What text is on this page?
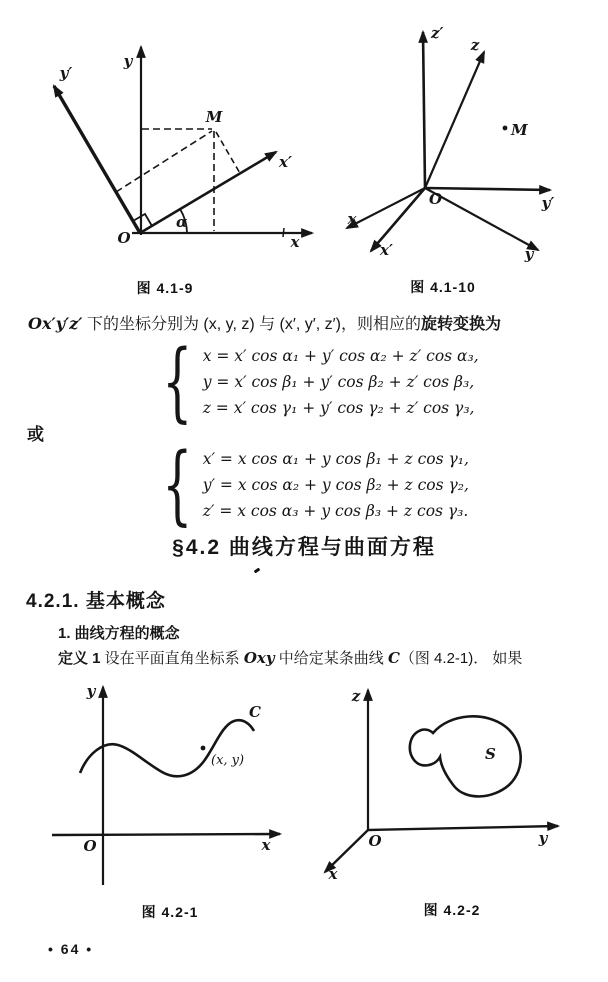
y
y′
x
x′
M
α
O
图 4.1-9
z′
z
y′
y
x
x′
M
O
图 4.1-10
Ox′y′z′ 下的坐标分别为 (x, y, z) 与 (x′, y′, z′)，则相应的旋转变换为
{ x = x′ cos α₁ + y′ cos α₂ + z′ cos α₃,
y = x′ cos β₁ + y′ cos β₂ + z′ cos β₃,
z = x′ cos γ₁ + y′ cos γ₂ + z′ cos γ₃,
或
{ x′ = x cos α₁ + y cos β₁ + z cos γ₁,
y′ = x cos α₂ + y cos β₂ + z cos γ₂,
z′ = x cos α₃ + y cos β₃ + z cos γ₃.
§4.2 曲线方程与曲面方程
4.2.1. 基本概念
1. 曲线方程的概念
定义 1 设在平面直角坐标系 Oxy 中给定某条曲线 C（图 4.2-1)． 如果
(x, y)
C
y
x
O
图 4.2-1
S
z
y
x
O
图 4.2-2
• 64 •
